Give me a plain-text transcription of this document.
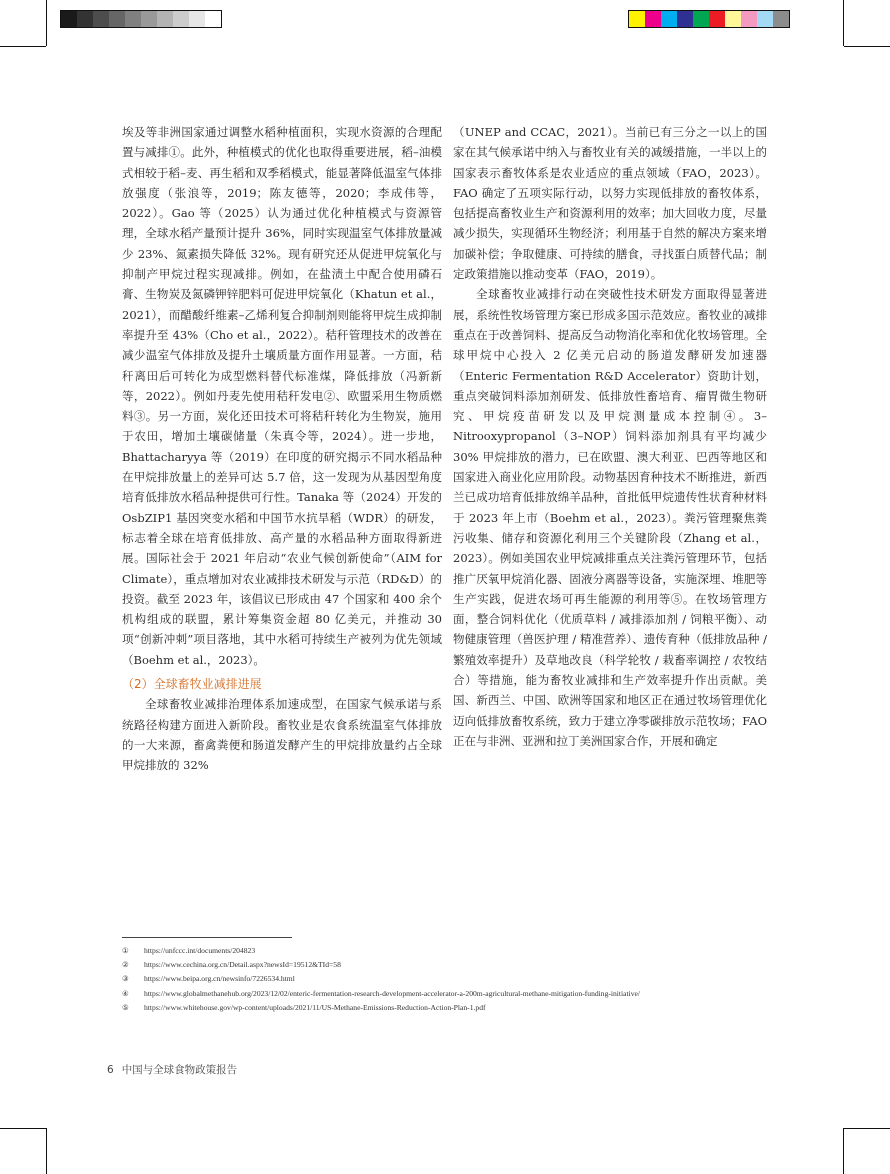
埃及等非洲国家通过调整水稻种植面积，实现水资源的合理配置与减排①。此外，种植模式的优化也取得重要进展，稻–油模式相较于稻–麦、再生稻和双季稻模式，能显著降低温室气体排放强度（张浪等，2019；陈友德等，2020；李成伟等，2022）。Gao 等（2025）认为通过优化种植模式与资源管理，全球水稻产量预计提升 36%，同时实现温室气体排放量减少 23%、氮素损失降低 32%。现有研究还从促进甲烷氧化与抑制产甲烷过程实现减排。例如，在盐渍土中配合使用磷石膏、生物炭及氮磷钾锌肥料可促进甲烷氧化（Khatun et al.，2021），而醋酸纤维素–乙烯利复合抑制剂则能将甲烷生成抑制率提升至 43%（Cho et al.，2022）。秸秆管理技术的改善在减少温室气体排放及提升土壤质量方面作用显著。一方面，秸秆离田后可转化为成型燃料替代标准煤，降低排放（冯新新等，2022）。例如丹麦先使用秸秆发电②、欧盟采用生物质燃料③。另一方面，炭化还田技术可将秸秆转化为生物炭，施用于农田，增加土壤碳储量（朱真令等，2024）。进一步地，Bhattacharyya 等（2019）在印度的研究揭示不同水稻品种在甲烷排放量上的差异可达 5.7 倍，这一发现为从基因型角度培育低排放水稻品种提供可行性。Tanaka 等（2024）开发的 OsbZIP1 基因突变水稻和中国节水抗旱稻（WDR）的研发，标志着全球在培育低排放、高产量的水稻品种方面取得新进展。国际社会于 2021 年启动“农业气候创新使命”（AIM for Climate），重点增加对农业减排技术研发与示范（RD&D）的投资。截至 2023 年，该倡议已形成由 47 个国家和 400 余个机构组成的联盟，累计筹集资金超 80 亿美元，并推动 30 项“创新冲刺”项目落地，其中水稻可持续生产被列为优先领域（Boehm et al.，2023）。

（2）全球畜牧业减排进展

全球畜牧业减排治理体系加速成型，在国家气候承诺与系统路径构建方面进入新阶段。畜牧业是农食系统温室气体排放的一大来源，畜禽粪便和肠道发酵产生的甲烷排放量约占全球甲烷排放的 32%

（UNEP and CCAC，2021）。当前已有三分之一以上的国家在其气候承诺中纳入与畜牧业有关的减缓措施，一半以上的国家表示畜牧体系是农业适应的重点领域（FAO，2023）。FAO 确定了五项实际行动，以努力实现低排放的畜牧体系，包括提高畜牧业生产和资源利用的效率；加大回收力度，尽量减少损失，实现循环生物经济；利用基于自然的解决方案来增加碳补偿；争取健康、可持续的膳食，寻找蛋白质替代品；制定政策措施以推动变革（FAO，2019）。

全球畜牧业减排行动在突破性技术研发方面取得显著进展，系统性牧场管理方案已形成多国示范效应。畜牧业的减排重点在于改善饲料、提高反刍动物消化率和优化牧场管理。全球甲烷中心投入 2 亿美元启动的肠道发酵研发加速器（Enteric Fermentation R&D Accelerator）资助计划，重点突破饲料添加剂研发、低排放性畜培育、瘤胃微生物研究、甲烷疫苗研发以及甲烷测量成本控制④。3–Nitrooxypropanol（3–NOP）饲料添加剂具有平均减少 30% 甲烷排放的潜力，已在欧盟、澳大利亚、巴西等地区和国家进入商业化应用阶段。动物基因育种技术不断推进，新西兰已成功培育低排放绵羊品种，首批低甲烷遗传性状育种材料于 2023 年上市（Boehm et al.，2023）。粪污管理聚焦粪污收集、储存和资源化利用三个关键阶段（Zhang et al.，2023）。例如美国农业甲烷减排重点关注粪污管理环节，包括推广厌氧甲烷消化器、固液分离器等设备，实施深埋、堆肥等生产实践，促进农场可再生能源的利用等⑤。在牧场管理方面，整合饲料优化（优质草料 / 减排添加剂 / 饲粮平衡）、动物健康管理（兽医护理 / 精准营养）、遗传育种（低排放品种 / 繁殖效率提升）及草地改良（科学轮牧 / 栽畜率调控 / 农牧结合）等措施，能为畜牧业减排和生产效率提升作出贡献。美国、新西兰、中国、欧洲等国家和地区正在通过牧场管理优化迈向低排放畜牧系统，致力于建立净零碳排放示范牧场；FAO 正在与非洲、亚洲和拉丁美洲国家合作，开展和确定

①	https://unfccc.int/documents/204823
②	https://www.cechina.org.cn/Detail.aspx?newsId=19512&TId=58
③	https://www.beipa.org.cn/newsinfo/7226534.html
④	https://www.globalmethanehub.org/2023/12/02/enteric-fermentation-research-development-accelerator-a-200m-agricultural-methane-mitigation-funding-initiative/
⑤	https://www.whitehouse.gov/wp-content/uploads/2021/11/US-Methane-Emissions-Reduction-Action-Plan-1.pdf
6 中国与全球食物政策报告
